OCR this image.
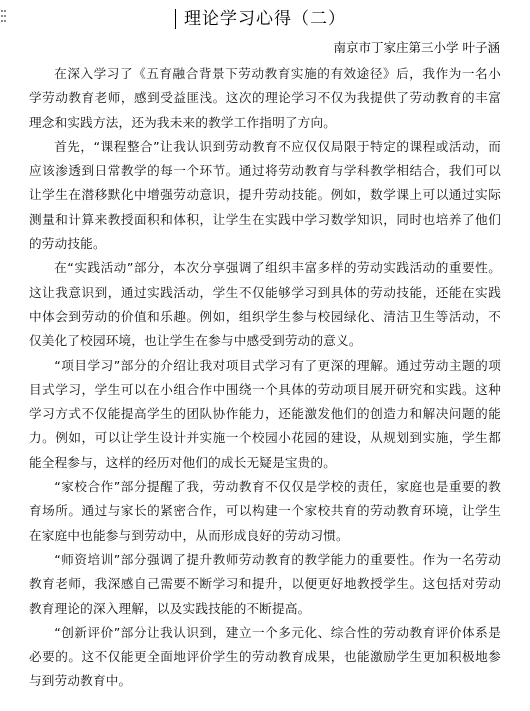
理论学习心得（二）

南京市丁家庄第三小学 叶子涵

在深入学习了《五育融合背景下劳动教育实施的有效途径》后，我作为一名小学劳动教育老师，感到受益匪浅。这次的理论学习不仅为我提供了劳动教育的丰富理念和实践方法，还为我未来的教学工作指明了方向。

首先，“课程整合”让我认识到劳动教育不应仅仅局限于特定的课程或活动，而应该渗透到日常教学的每一个环节。通过将劳动教育与学科教学相结合，我们可以让学生在潜移默化中增强劳动意识，提升劳动技能。例如，数学课上可以通过实际测量和计算来教授面积和体积，让学生在实践中学习数学知识，同时也培养了他们的劳动技能。

在“实践活动”部分，本次分享强调了组织丰富多样的劳动实践活动的重要性。这让我意识到，通过实践活动，学生不仅能够学习到具体的劳动技能，还能在实践中体会到劳动的价值和乐趣。例如，组织学生参与校园绿化、清洁卫生等活动，不仅美化了校园环境，也让学生在参与中感受到劳动的意义。

“项目学习”部分的介绍让我对项目式学习有了更深的理解。通过劳动主题的项目式学习，学生可以在小组合作中围绕一个具体的劳动项目展开研究和实践。这种学习方式不仅能提高学生的团队协作能力，还能激发他们的创造力和解决问题的能力。例如，可以让学生设计并实施一个校园小花园的建设，从规划到实施，学生都能全程参与，这样的经历对他们的成长无疑是宝贵的。

“家校合作”部分提醒了我，劳动教育不仅仅是学校的责任，家庭也是重要的教育场所。通过与家长的紧密合作，可以构建一个家校共育的劳动教育环境，让学生在家庭中也能参与到劳动中，从而形成良好的劳动习惯。

“师资培训”部分强调了提升教师劳动教育的教学能力的重要性。作为一名劳动教育老师，我深感自己需要不断学习和提升，以便更好地教授学生。这包括对劳动教育理论的深入理解，以及实践技能的不断提高。

“创新评价”部分让我认识到，建立一个多元化、综合性的劳动教育评价体系是必要的。这不仅能更全面地评价学生的劳动教育成果，也能激励学生更加积极地参与到劳动教育中。
